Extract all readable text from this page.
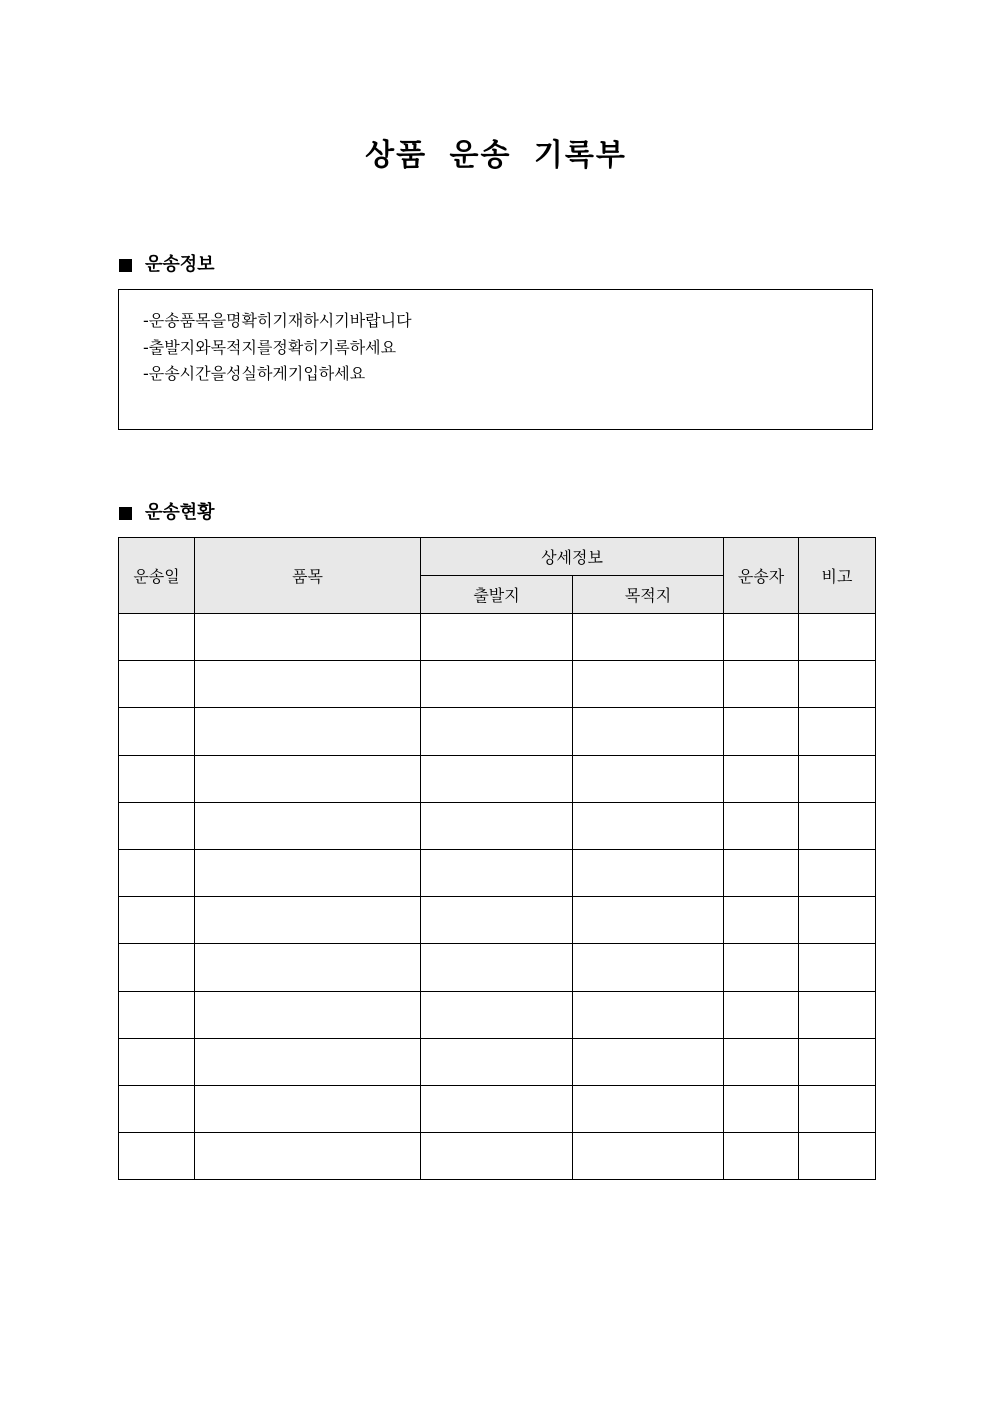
상품 운송 기록부
운송정보
-운송품목을명확히기재하시기바랍니다
-출발지와목적지를정확히기록하세요
-운송시간을성실하게기입하세요
운송현황
운송일	품목	상세정보		운송자	비고
		출발지	목적지		
